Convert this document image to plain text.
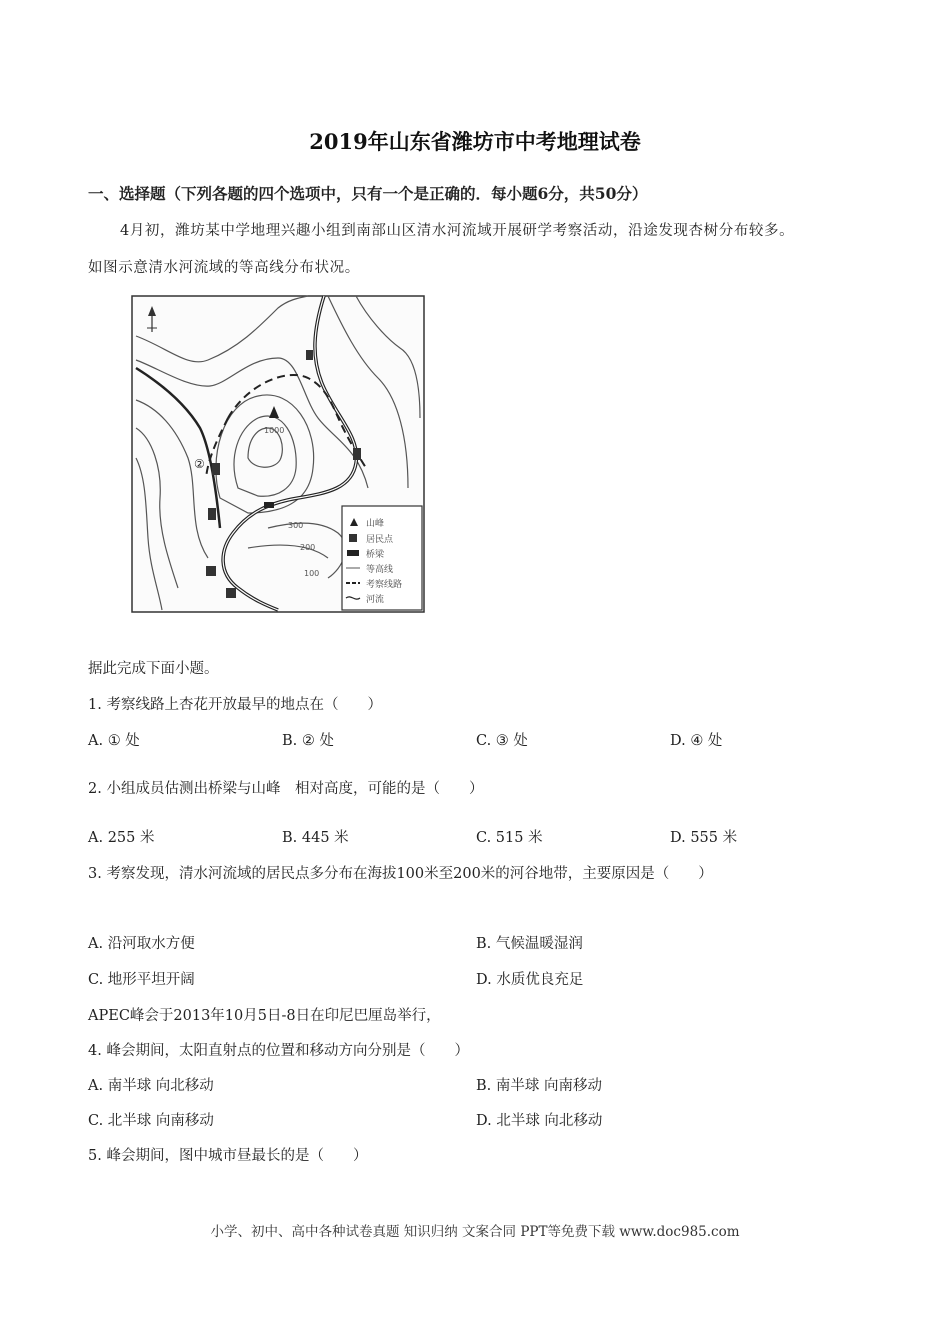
2019年山东省潍坊市中考地理试卷
一、选择题（下列各题的四个选项中，只有一个是正确的．每小题6分，共50分）
4月初，潍坊某中学地理兴趣小组到南部山区清水河流域开展研学考察活动，沿途发现杏树分布较多。
如图示意清水河流域的等高线分布状况。
1000
②
300
200
100
山峰
居民点
桥梁
等高线
考察线路
河流
据此完成下面小题。
1. 考察线路上杏花开放最早的地点在（　　）
A. ① 处	B. ② 处	C. ③ 处	D. ④ 处
2. 小组成员估测出桥梁与山峰　相对高度，可能的是（　　）
A. 255 米	B. 445 米	C. 515 米	D. 555 米
3. 考察发现，清水河流域的居民点多分布在海拔100米至200米的河谷地带，主要原因是（　　）
A. 沿河取水方便	B. 气候温暖湿润
C. 地形平坦开阔	D. 水质优良充足
APEC峰会于2013年10月5日-8日在印尼巴厘岛举行，
4. 峰会期间，太阳直射点的位置和移动方向分别是（　　）
A. 南半球 向北移动	B. 南半球 向南移动
C. 北半球 向南移动	D. 北半球 向北移动
5. 峰会期间，图中城市昼最长的是（　　）
小学、初中、高中各种试卷真题 知识归纳 文案合同 PPT等免费下载 www.doc985.com
